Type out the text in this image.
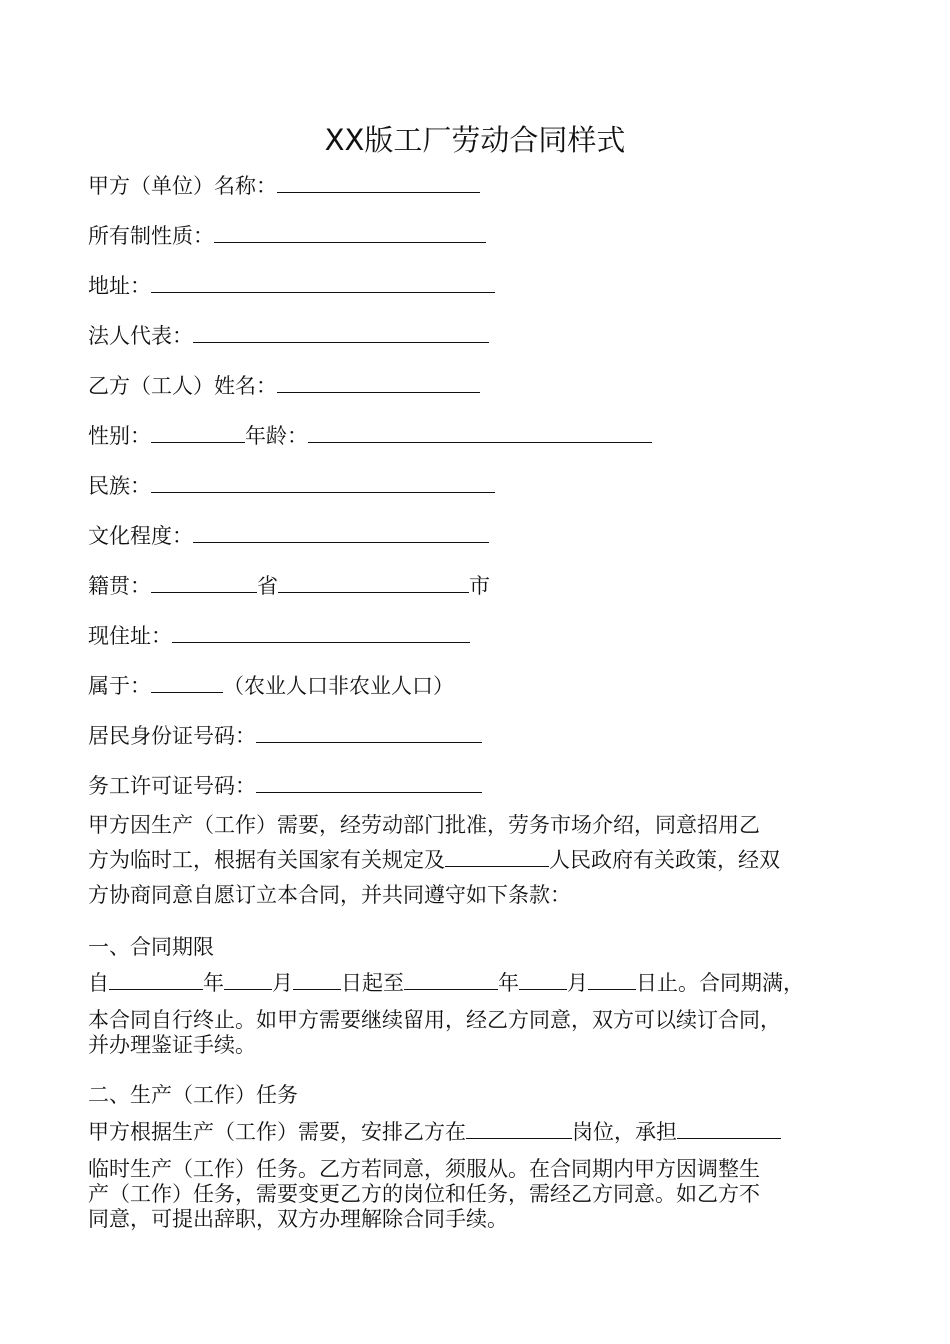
XX版工厂劳动合同样式
甲方（单位）名称：
所有制性质：
地址：
法人代表：
乙方（工人）姓名：
性别：	年龄：
民族：
文化程度：
籍贯：	省	市
现住址：
属于：	（农业人口非农业人口）
居民身份证号码：
务工许可证号码：
甲方因生产（工作）需要，经劳动部门批准，劳务市场介绍，同意招用乙
方为临时工，根据有关国家有关规定及	人民政府有关政策，经双
方协商同意自愿订立本合同，并共同遵守如下条款：
一、合同期限
自	年 月 日起至	年 月 日止。合同期满，
本合同自行终止。如甲方需要继续留用，经乙方同意，双方可以续订合同，
并办理鉴证手续。
二、生产（工作）任务
甲方根据生产（工作）需要，安排乙方在	岗位，承担
临时生产（工作）任务。乙方若同意，须服从。在合同期内甲方因调整生
产（工作）任务，需要变更乙方的岗位和任务，需经乙方同意。如乙方不
同意，可提出辞职，双方办理解除合同手续。
